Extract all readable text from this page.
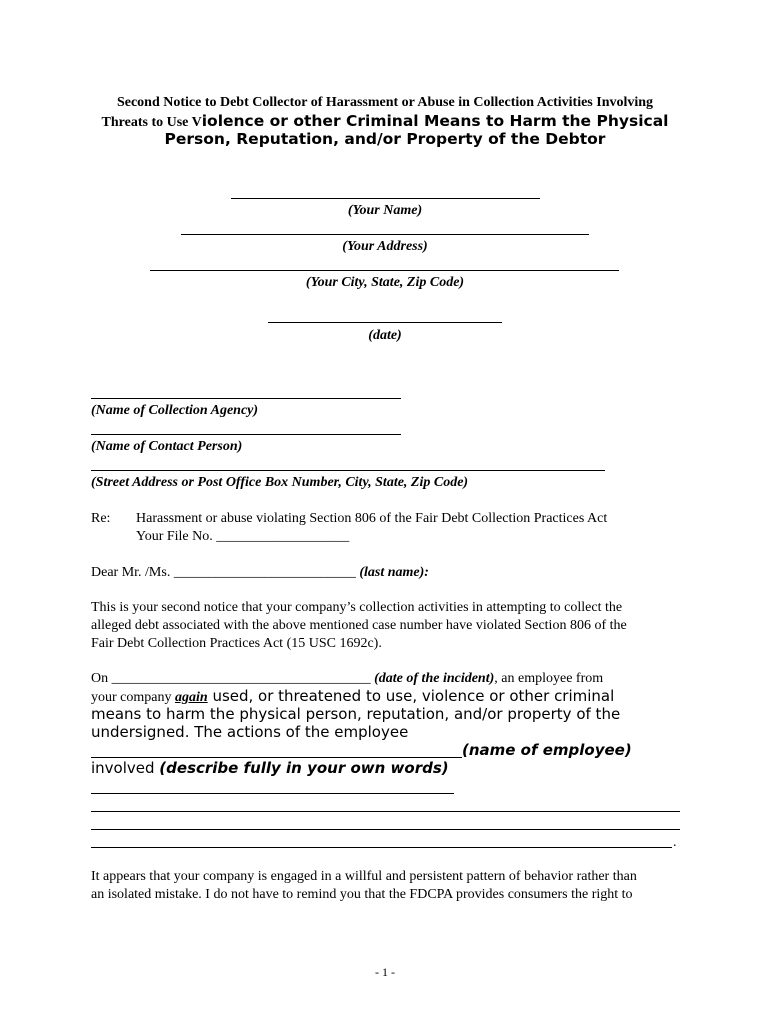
Second Notice to Debt Collector of Harassment or Abuse in Collection Activities Involving
Threats to Use Violence or other Criminal Means to Harm the Physical
Person, Reputation, and/or Property of the Debtor
(Your Name)
(Your Address)
(Your City, State, Zip Code)
(date)
(Name of Collection Agency)
(Name of Contact Person)
(Street Address or Post Office Box Number, City, State, Zip Code)
Re: Harassment or abuse violating Section 806 of the Fair Debt Collection Practices Act
Your File No. ___________________
Dear Mr. /Ms. __________________________ (last name):
This is your second notice that your company’s collection activities in attempting to collect the
alleged debt associated with the above mentioned case number have violated Section 806 of the
Fair Debt Collection Practices Act (15 USC 1692c).
On _____________________________________ (date of the incident), an employee from
your company again used, or threatened to use, violence or other criminal
means to harm the physical person, reputation, and/or property of the
undersigned. The actions of the employee
(name of employee)
involved (describe fully in your own words)
.
It appears that your company is engaged in a willful and persistent pattern of behavior rather than
an isolated mistake. I do not have to remind you that the FDCPA provides consumers the right to
- 1 -
